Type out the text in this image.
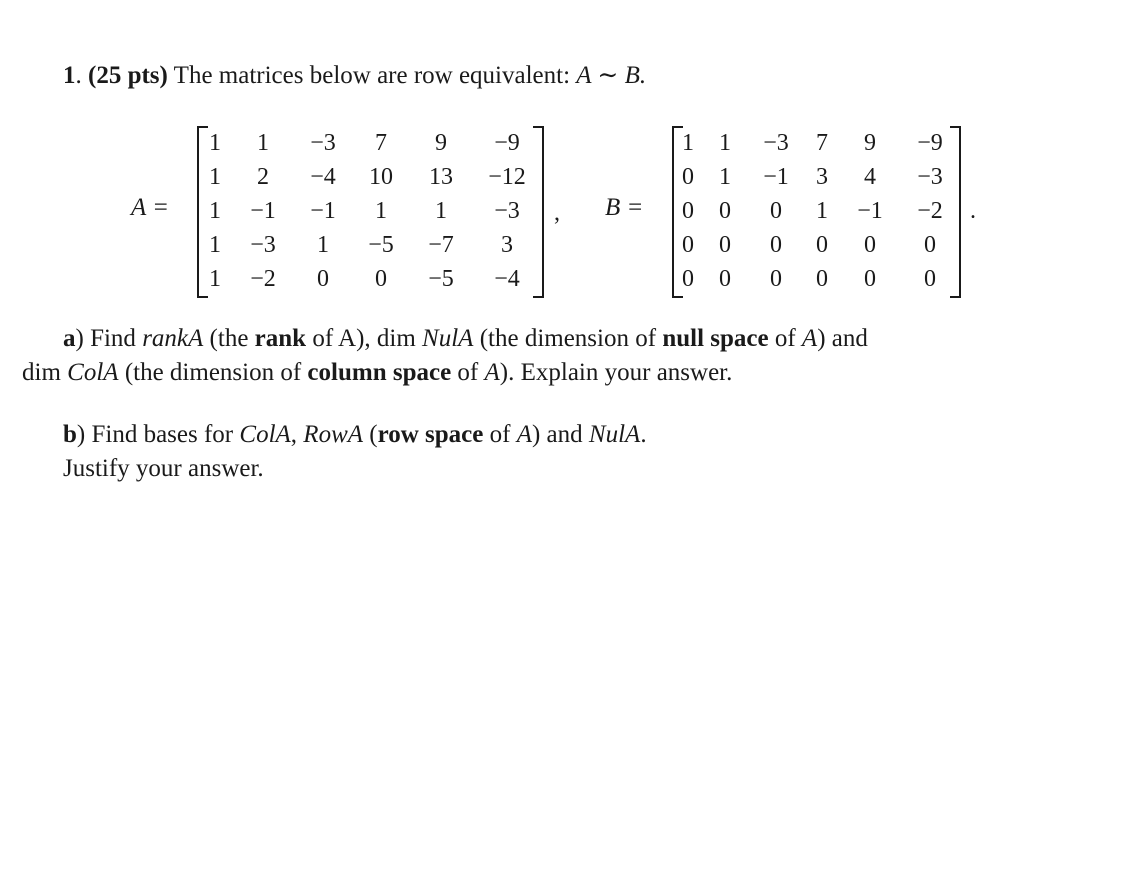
1. (25 pts) The matrices below are row equivalent: A ∼ B.
A =
1	1	−3	7	9	−9
1	2	−4	10	13	−12
1	−1	−1	1	1	−3
1	−3	1	−5	−7	3
1	−2	0	0	−5	−4
, B =
1	1	−3	7	9	−9
0	1	−1	3	4	−3
0	0	0	1	−1	−2
0	0	0	0	0	0
0	0	0	0	0	0
.
a) Find rankA (the rank of A), dim NulA (the dimension of null space of A) and
dim ColA (the dimension of column space of A). Explain your answer.
b) Find bases for ColA, RowA (row space of A) and NulA.
Justify your answer.
